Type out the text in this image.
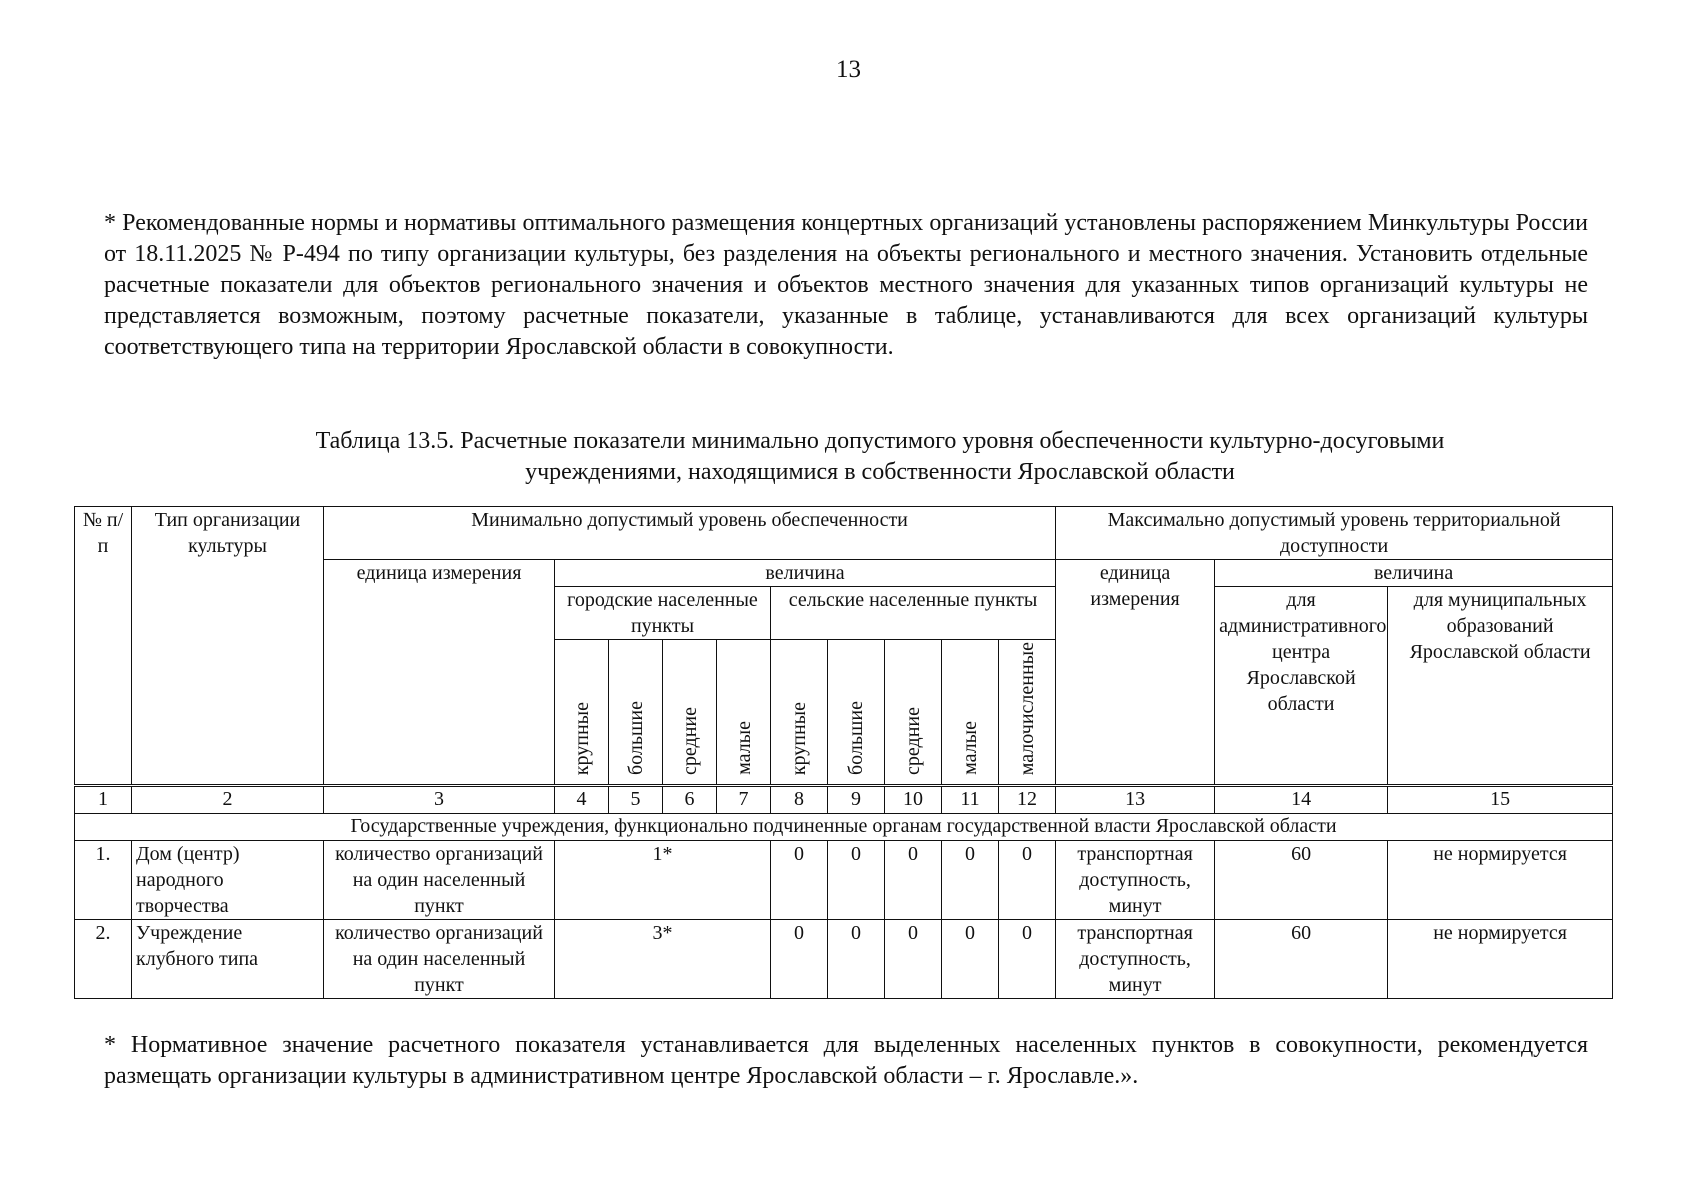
13

* Рекомендованные нормы и нормативы оптимального размещения концертных организаций установлены распоряжением Минкультуры России от 18.11.2025 № Р-494 по типу организации культуры, без разделения на объекты регионального и местного значения. Установить отдельные расчетные показатели для объектов регионального значения и объектов местного значения для указанных типов организаций культуры не представляется возможным, поэтому расчетные показатели, указанные в таблице, устанавливаются для всех организаций культуры соответствующего типа на территории Ярославской области в совокупности.

Таблица 13.5. Расчетные показатели минимально допустимого уровня обеспеченности культурно-досуговыми
учреждениями, находящимися в собственности Ярославской области
№ п/п	Тип организации культуры	Минимально допустимый уровень обеспеченности										Максимально допустимый уровень территориальной доступности		
		единица измерения	величина									единица измерения	величина	
			городские населенные пункты				сельские населенные пункты						для административного центра Ярославской области	для муниципальных образований Ярославской области
			крупные	большие	средние	малые	крупные	большие	средние	малые	малочисленные			
1	2	3	4	5	6	7	8	9	10	11	12	13	14	15
Государственные учреждения, функционально подчиненные органам государственной власти Ярославской области														
1.	Дом (центр) народного творчества	количество организаций на один населенный пункт	1*				0	0	0	0	0	транспортная доступность, минут	60	не нормируется
2.	Учреждение клубного типа	количество организаций на один населенный пункт	3*				0	0	0	0	0	транспортная доступность, минут	60	не нормируется

* Нормативное значение расчетного показателя устанавливается для выделенных населенных пунктов в совокупности, рекомендуется размещать организации культуры в административном центре Ярославской области – г. Ярославле.».
